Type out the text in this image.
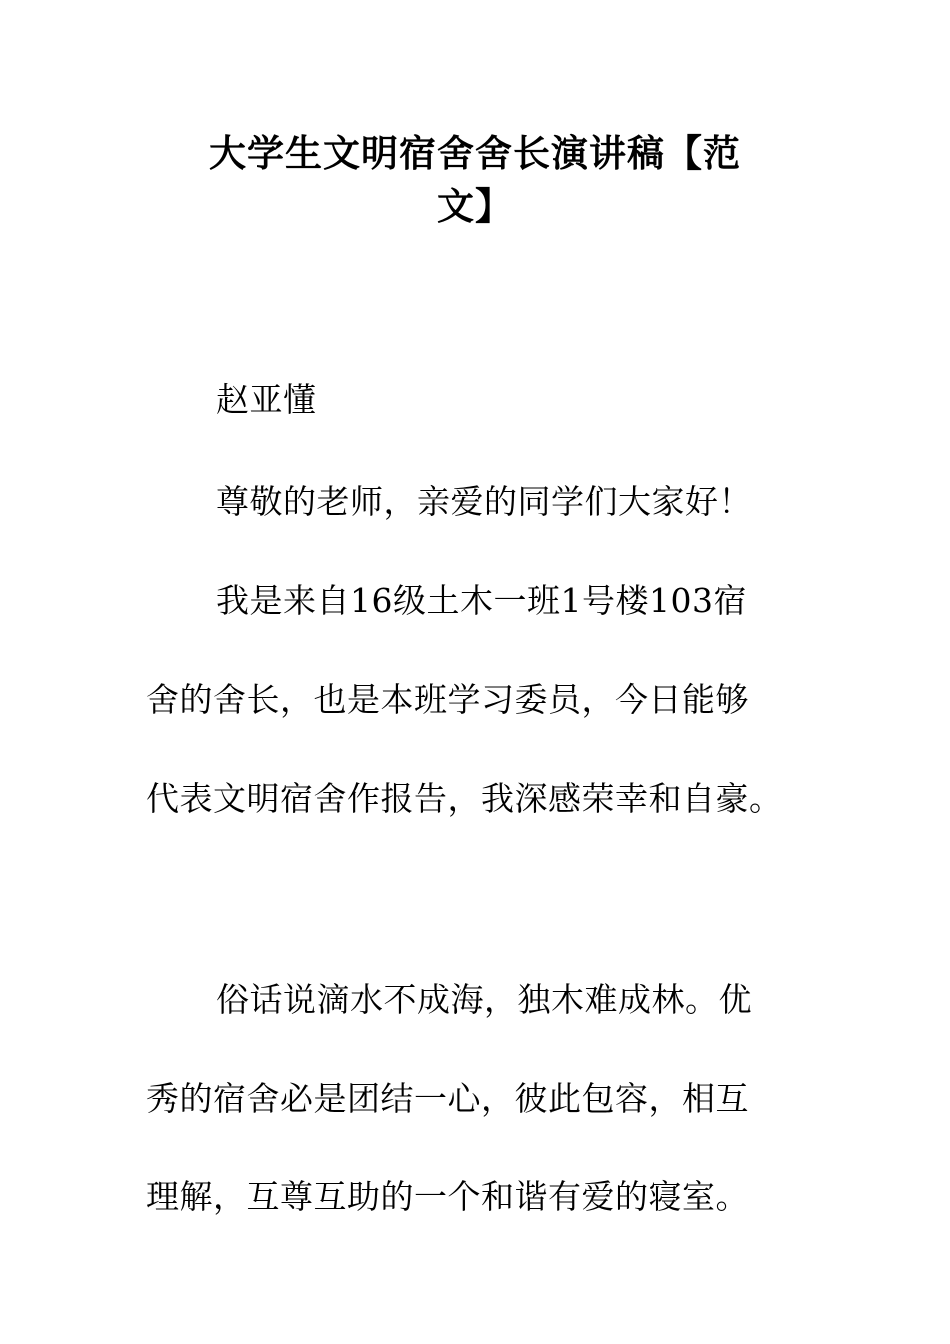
大学生文明宿舍舍长演讲稿【范
文】
赵亚懂
尊敬的老师，亲爱的同学们大家好！
我是来自16级土木一班1号楼103宿
舍的舍长，也是本班学习委员，今日能够
代表文明宿舍作报告，我深感荣幸和自豪。
俗话说滴水不成海，独木难成林。优
秀的宿舍必是团结一心，彼此包容，相互
理解，互尊互助的一个和谐有爱的寝室。
